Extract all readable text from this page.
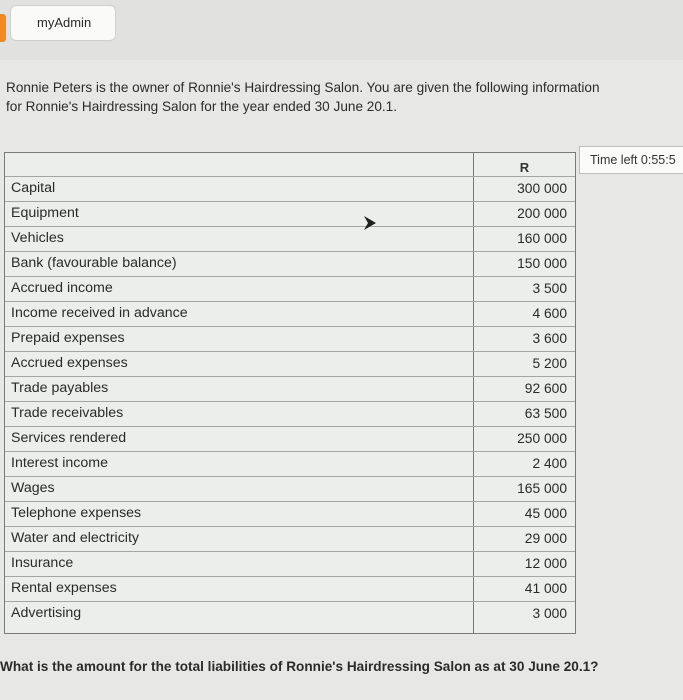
myAdmin
Ronnie Peters is the owner of Ronnie's Hairdressing Salon. You are given the following information
for Ronnie's Hairdressing Salon for the year ended 30 June 20.1.
Time left 0:55:5
R
Capital	300 000
Equipment	200 000
Vehicles	160 000
Bank (favourable balance)	150 000
Accrued income	3 500
Income received in advance	4 600
Prepaid expenses	3 600
Accrued expenses	5 200
Trade payables	92 600
Trade receivables	63 500
Services rendered	250 000
Interest income	2 400
Wages	165 000
Telephone expenses	45 000
Water and electricity	29 000
Insurance	12 000
Rental expenses	41 000
Advertising	3 000
What is the amount for the total liabilities of Ronnie's Hairdressing Salon as at 30 June 20.1?
